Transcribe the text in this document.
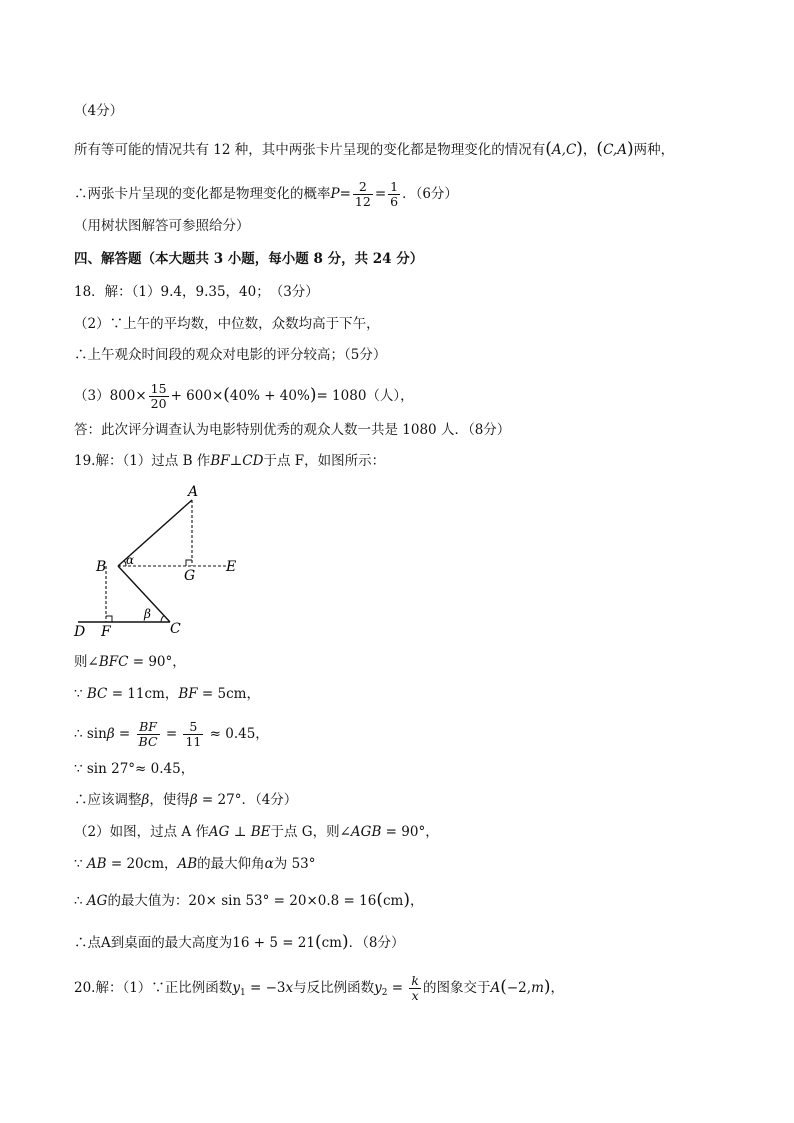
（4分）
所有等可能的情况共有 12 种，其中两张卡片呈现的变化都是物理变化的情况有(A,C)，(C,A)两种，
∴两张卡片呈现的变化都是物理变化的概率$P= \frac{2}{12} = \frac{1}{6}$ ．（6分）
（用树状图解答可参照给分）
四、解答题（本大题共 3 小题，每小题 8 分，共 24 分）
18．解：（1）9.4，9.35，40；　（3分）
（2）∵上午的平均数，中位数，众数均高于下午，
∴上午观众时间段的观众对电影的评分较高；（5分）
$(3)800\times \frac{15}{20} + 600\times(40\% + 40\%)= 1080$（人），
答：此次评分调查认为电影特别优秀的观众人数一共是 1080 人．（8分）
19.解：（1）过点 B 作BF⊥CD于点 F，如图所示：
A
B α
G
E
β
D F	C
则∠BFC = 90°，
∵ BC = 11cm，BF = 5cm，
∴ $\sin\beta = \frac{BF}{BC} = \frac{5}{11} \approx 0.45$，
∵ sin 27°≈ 0.45，
∴应该调整β，使得β = 27°．（4分）
（2）如图，过点 A 作AG ⊥ BE于点 G，则∠AGB = 90°，
∵ AB = 20cm，AB的最大仰角α为 53°
∴ AG的最大值为：20× sin 53° = 20×0.8 = 16(cm)，
∴点A到桌面的最大高度为16 + 5 = 21(cm)．（8分）
20.解：（1）∵正比例函数$y_1 = -3x$与反比例函数$y_2 = \frac{k}{x}$ 的图象交于A(−2,m)，
